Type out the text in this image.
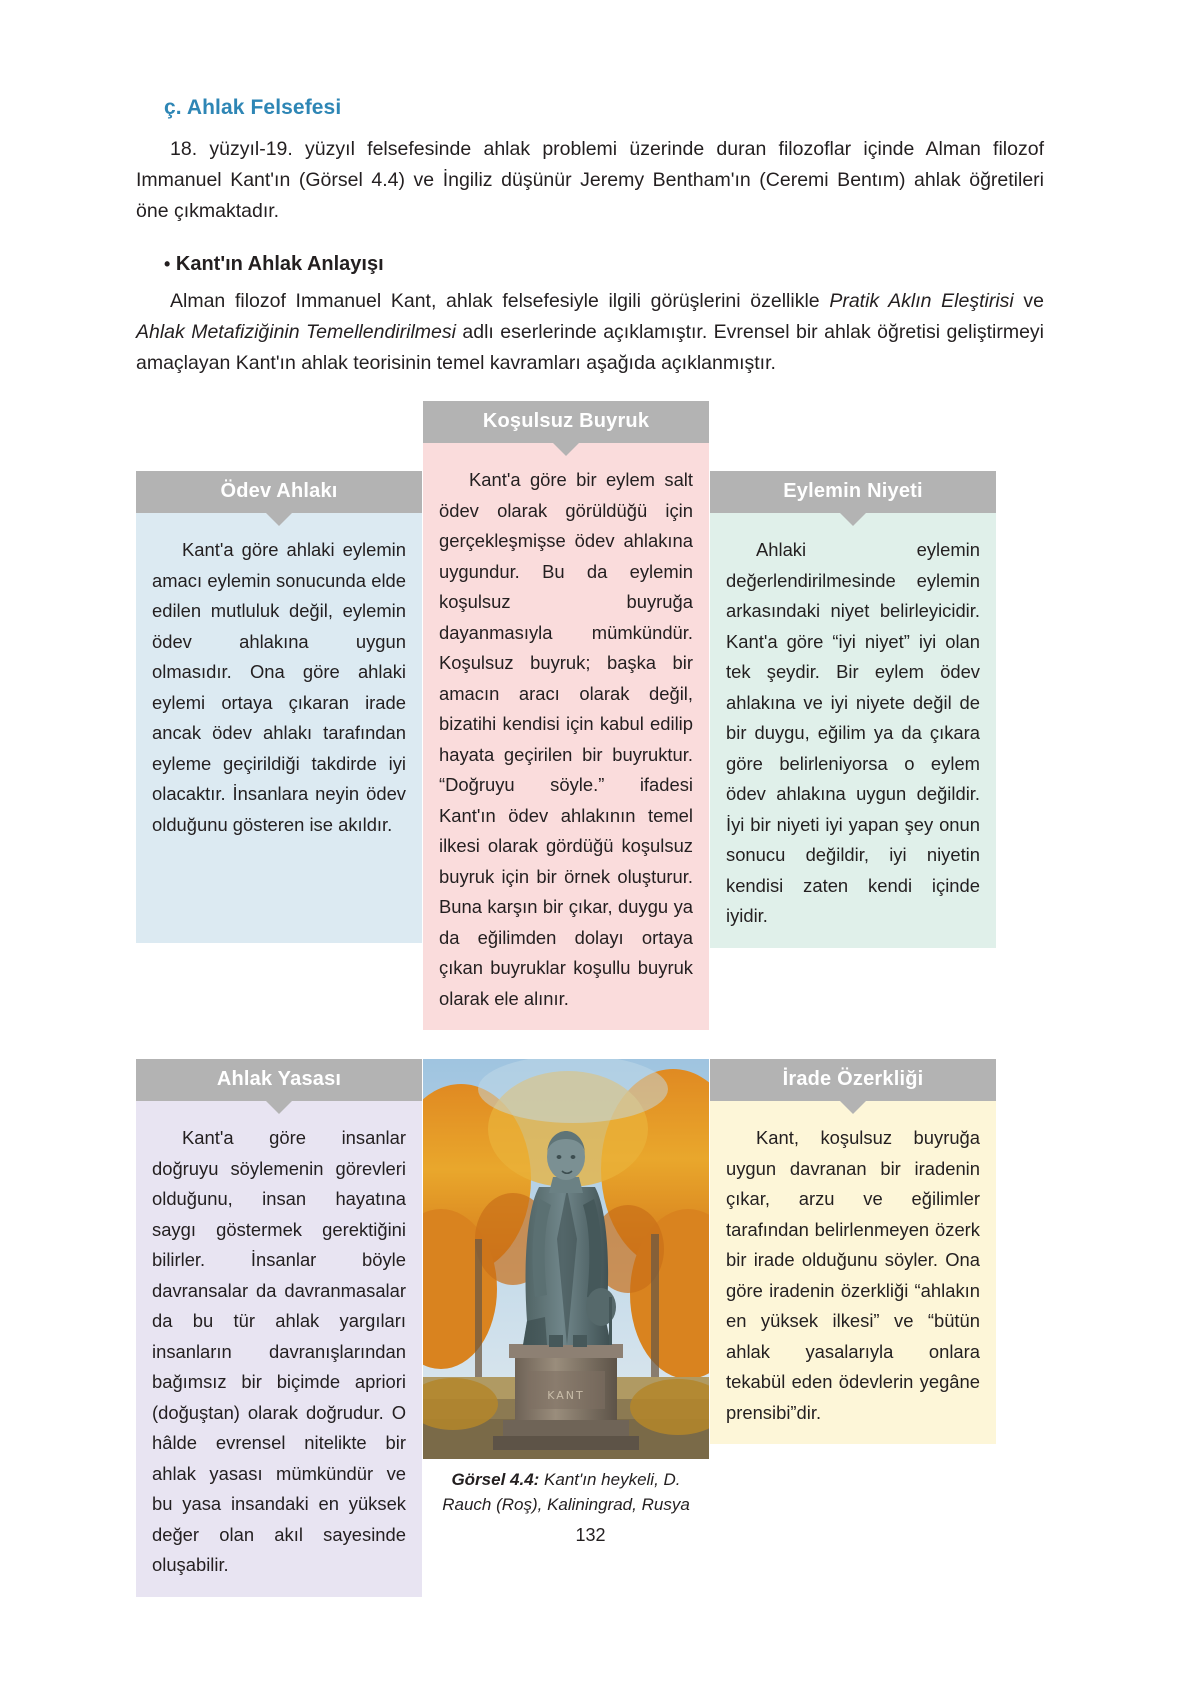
ç. Ahlak Felsefesi

18. yüzyıl-19. yüzyıl felsefesinde ahlak problemi üzerinde duran filozoflar içinde Alman filozof Immanuel Kant'ın (Görsel 4.4) ve İngiliz düşünür Jeremy Bentham'ın (Ceremi Bentım) ahlak öğretileri öne çıkmaktadır.

• Kant'ın Ahlak Anlayışı

Alman filozof Immanuel Kant, ahlak felsefesiyle ilgili görüşlerini özellikle Pratik Aklın Eleştirisi ve Ahlak Metafiziğinin Temellendirilmesi adlı eserlerinde açıklamıştır. Evrensel bir ahlak öğretisi geliştirmeyi amaçlayan Kant'ın ahlak teorisinin temel kavramları aşağıda açıklanmıştır.

Koşulsuz Buyruk

Kant'a göre bir eylem salt ödev olarak görüldüğü için gerçekleşmişse ödev ahlakına uygundur. Bu da eylemin koşulsuz buyruğa dayanmasıyla mümkündür. Koşulsuz buyruk; başka bir amacın aracı olarak değil, bizatihi kendisi için kabul edilip hayata geçirilen bir buyruktur. “Doğruyu söyle.” ifadesi Kant'ın ödev ahlakının temel ilkesi olarak gördüğü koşulsuz buyruk için bir örnek oluşturur. Buna karşın bir çıkar, duygu ya da eğilimden dolayı ortaya çıkan buyruklar koşullu buyruk olarak ele alınır.

Ödev Ahlakı

Kant'a göre ahlaki eylemin amacı eylemin sonucunda elde edilen mutluluk değil, eylemin ödev ahlakına uygun olmasıdır. Ona göre ahlaki eylemi ortaya çıkaran irade ancak ödev ahlakı tarafından eyleme geçirildiği takdirde iyi olacaktır. İnsanlara neyin ödev olduğunu gösteren ise akıldır.

Eylemin Niyeti

Ahlaki eylemin değerlendirilmesinde eylemin arkasındaki niyet belirleyicidir. Kant'a göre “iyi niyet” iyi olan tek şeydir. Bir eylem ödev ahlakına ve iyi niyete değil de bir duygu, eğilim ya da çıkara göre belirleniyorsa o eylem ödev ahlakına uygun değildir. İyi bir niyeti iyi yapan şey onun sonucu değildir, iyi niyetin kendisi zaten kendi içinde iyidir.

Ahlak Yasası

Kant'a göre insanlar doğruyu söylemenin görevleri olduğunu, insan hayatına saygı göstermek gerektiğini bilirler. İnsanlar böyle davransalar da davranmasalar da bu tür ahlak yargıları insanların davranışlarından bağımsız bir biçimde apriori (doğuştan) olarak doğrudur. O hâlde evrensel nitelikte bir ahlak yasası mümkündür ve bu yasa insandaki en yüksek değer olan akıl sayesinde oluşabilir.

İrade Özerkliği

Kant, koşulsuz buyruğa uygun davranan bir iradenin çıkar, arzu ve eğilimler tarafından belirlenmeyen özerk bir irade olduğunu söyler. Ona göre iradenin özerkliği “ahlakın en yüksek ilkesi” ve “bütün ahlak yasalarıyla onlara tekabül eden ödevlerin yegâne prensibi”dir.

KANT
Görsel 4.4: Kant'ın heykeli, D. Rauch (Roş), Kaliningrad, Rusya
132
